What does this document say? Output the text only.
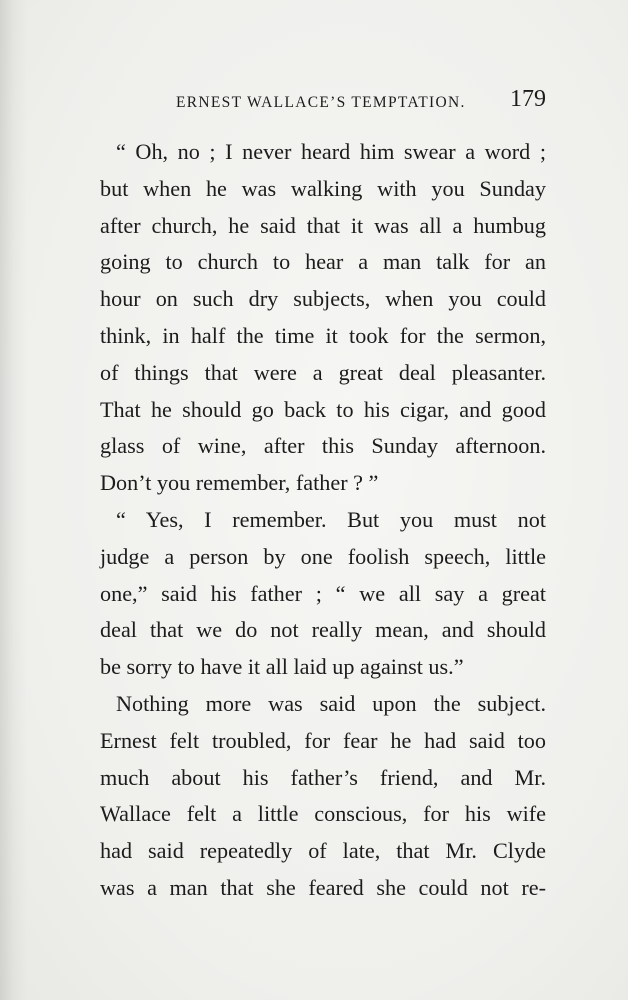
ERNEST WALLACE’S TEMPTATION. 179
“ Oh, no ; I never heard him swear a word ;
but when he was walking with you Sunday
after church, he said that it was all a humbug
going to church to hear a man talk for an
hour on such dry subjects, when you could
think, in half the time it took for the sermon,
of things that were a great deal pleasanter.
That he should go back to his cigar, and good
glass of wine, after this Sunday afternoon.
Don’t you remember, father ? ”
“ Yes, I remember. But you must not
judge a person by one foolish speech, little
one,” said his father ; “ we all say a great
deal that we do not really mean, and should
be sorry to have it all laid up against us.”
Nothing more was said upon the subject.
Ernest felt troubled, for fear he had said too
much about his father’s friend, and Mr.
Wallace felt a little conscious, for his wife
had said repeatedly of late, that Mr. Clyde
was a man that she feared she could not re-
